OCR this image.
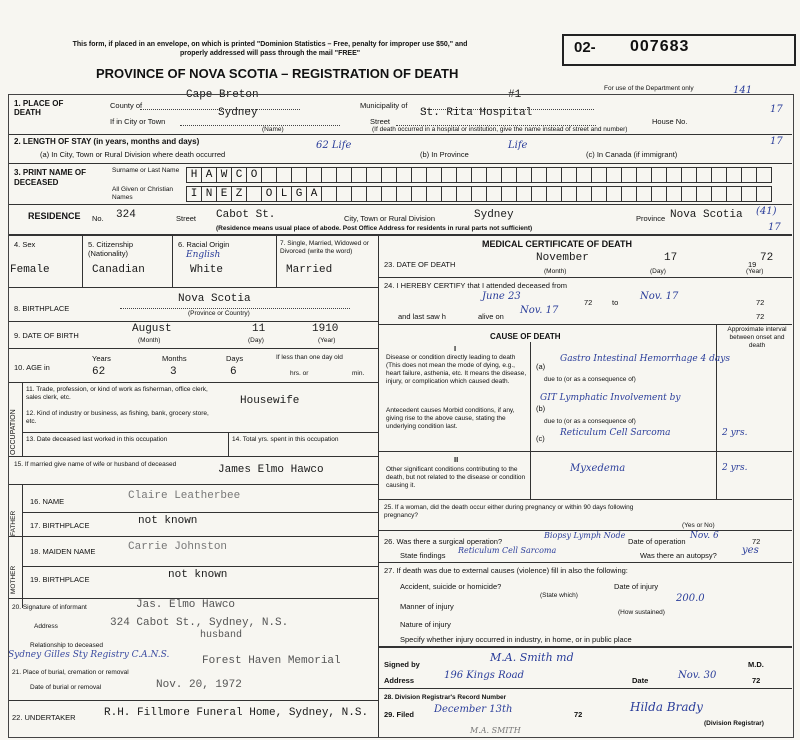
This form, if placed in an envelope, on which is printed "Dominion Statistics – Free, penalty for improper use $50," and properly addressed will pass through the mail "FREE"
PROVINCE OF NOVA SCOTIA – REGISTRATION OF DEATH
02- 007683
For use of the Department only	141
17
17
(41)
17
1. PLACE OF DEATH
County of
Cape Breton
Municipality of
#1
If in City or Town
Sydney
Street
St. Rita Hospital
House No.
(Name)	(If death occurred in a hospital or institution, give the name instead of street and number)
2. LENGTH OF STAY (in years, months and days)
(a) In City, Town or Rural Division where death occurred
62 Life
(b) In Province
Life
(c) In Canada (if immigrant)
3. PRINT NAME OF DECEASED
Surname or Last Name	H A W C O
All Given or Christian Names	I N E Z	O L G A
RESIDENCE No. 324	Street Cabot St.	City, Town or Rural Division	Sydney	Province Nova Scotia
(Residence means usual place of abode. Post Office Address for residents in rural parts not sufficient)
4. Sex
Female
5. Citizenship (Nationality)
Canadian
6. Racial Origin
English
White
7. Single, Married, Widowed or Divorced (write the word)
Married
8. BIRTHPLACE
Nova Scotia
(Province or Country)
9. DATE OF BIRTH
August	11	1910
(Month)	(Day)	(Year)
10. AGE in
Years	Months	Days	If less than one day old
62	3	6	hrs. or	min.
OCCUPATION
11. Trade, profession, or kind of work as fisherman, office clerk, sales clerk, etc.	Housewife
12. Kind of industry or business, as fishing, bank, grocery store, etc.
13. Date deceased last worked in this occupation	14. Total yrs. spent in this occupation
15. If married give name of wife or husband of deceased	James Elmo Hawco
FATHER
16. NAME	Claire Leatherbee
17. BIRTHPLACE	not known
MOTHER
18. MAIDEN NAME	Carrie Johnston
19. BIRTHPLACE	not known
20. Signature of informant	Jas. Elmo Hawco
Address	324 Cabot St., Sydney, N.S.
husband
Relationship to deceased
Sydney Gilles Sty Registry C.A.N.S.
21. Place of burial, cremation or removal
Forest Haven Memorial
Date of burial or removal	Nov. 20, 1972
22. UNDERTAKER	R.H. Fillmore Funeral Home, Sydney, N.S.
MEDICAL CERTIFICATE OF DEATH
23. DATE OF DEATH
November	17
19
72
(Month)	(Day)	(Year)
24. I HEREBY CERTIFY that I attended deceased from
June 23
72	to
Nov. 17
72
and last saw h	alive on
Nov. 17
72
CAUSE OF DEATH
Approximate interval between onset and death
I
Disease or condition directly leading to death (This does not mean the mode of dying, e.g., heart failure, asthenia, etc. It means the disease, injury, or complication which caused death.
(a)
Gastro Intestinal Hemorrhage 4 days
due to (or as a consequence of)
Antecedent causes Morbid conditions, if any, giving rise to the above cause, stating the underlying condition last.
GIT Lymphatic Involvement by
(b)
due to (or as a consequence of)
(c)
Reticulum Cell Sarcoma	2 yrs.
II
Other significant conditions contributing to the death, but not related to the disease or condition causing it.
Myxedema	2 yrs.
25. If a woman, did the death occur either during pregnancy or within 90 days following pregnancy?
(Yes or No)
26. Was there a surgical operation?
Biopsy Lymph Node
Date of operation
Nov. 6
72
State findings
Reticulum Cell Sarcoma
Was there an autopsy?	yes
27. If death was due to external causes (violence) fill in also the following:
Accident, suicide or homicide?	Date of injury
(State which)
Manner of injury
200.0
(How sustained)
Nature of injury
Specify whether injury occurred in industry, in home, or in public place
Signed by
M.A. Smith md
M.D.
Address	196 Kings Road	Date	Nov. 30	72
28. Division Registrar's Record Number
29. Filed December 13th	72
Hilda Brady
(Division Registrar)
M.A. SMITH
